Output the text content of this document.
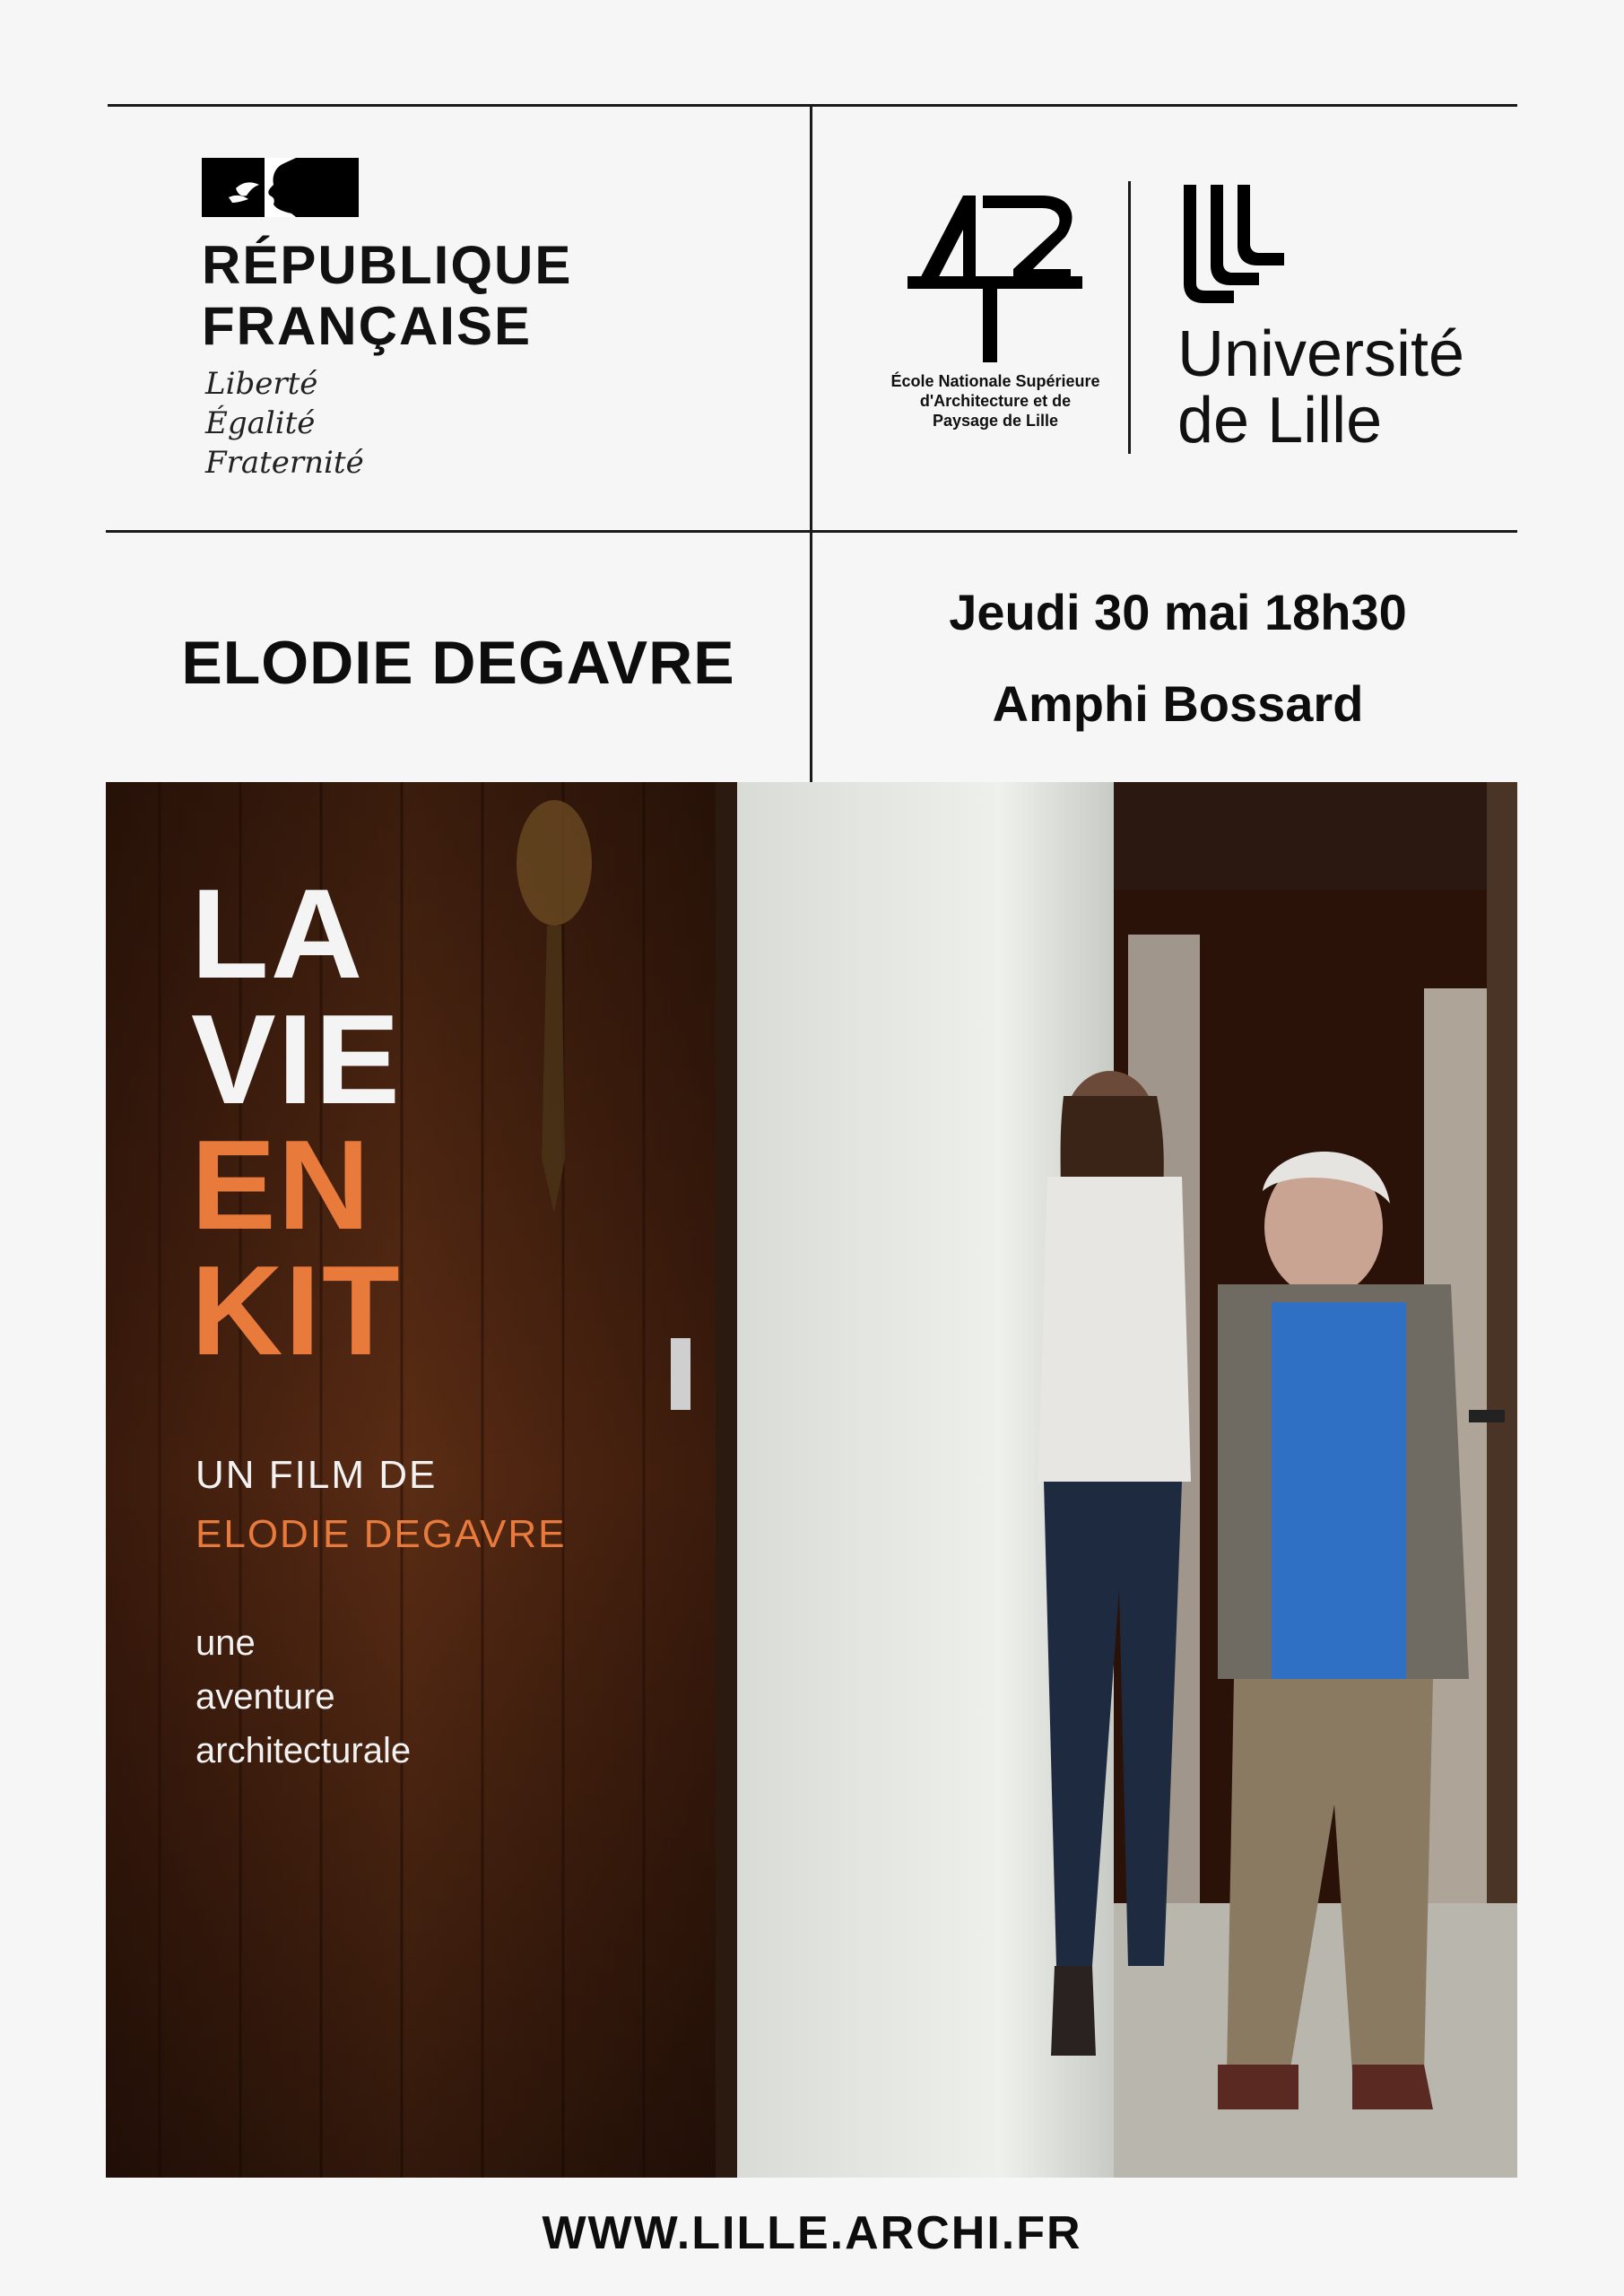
RÉPUBLIQUE
FRANÇAISE
Liberté
Égalité
Fraternité
École Nationale Supérieure d'Architecture et de Paysage de Lille
Université
de Lille
ELODIE DEGAVRE
Jeudi 30 mai 18h30
Amphi Bossard
LA
VIE
EN
KIT
UN FILM DE
ELODIE DEGAVRE
une
aventure
architecturale
WWW.LILLE.ARCHI.FR
